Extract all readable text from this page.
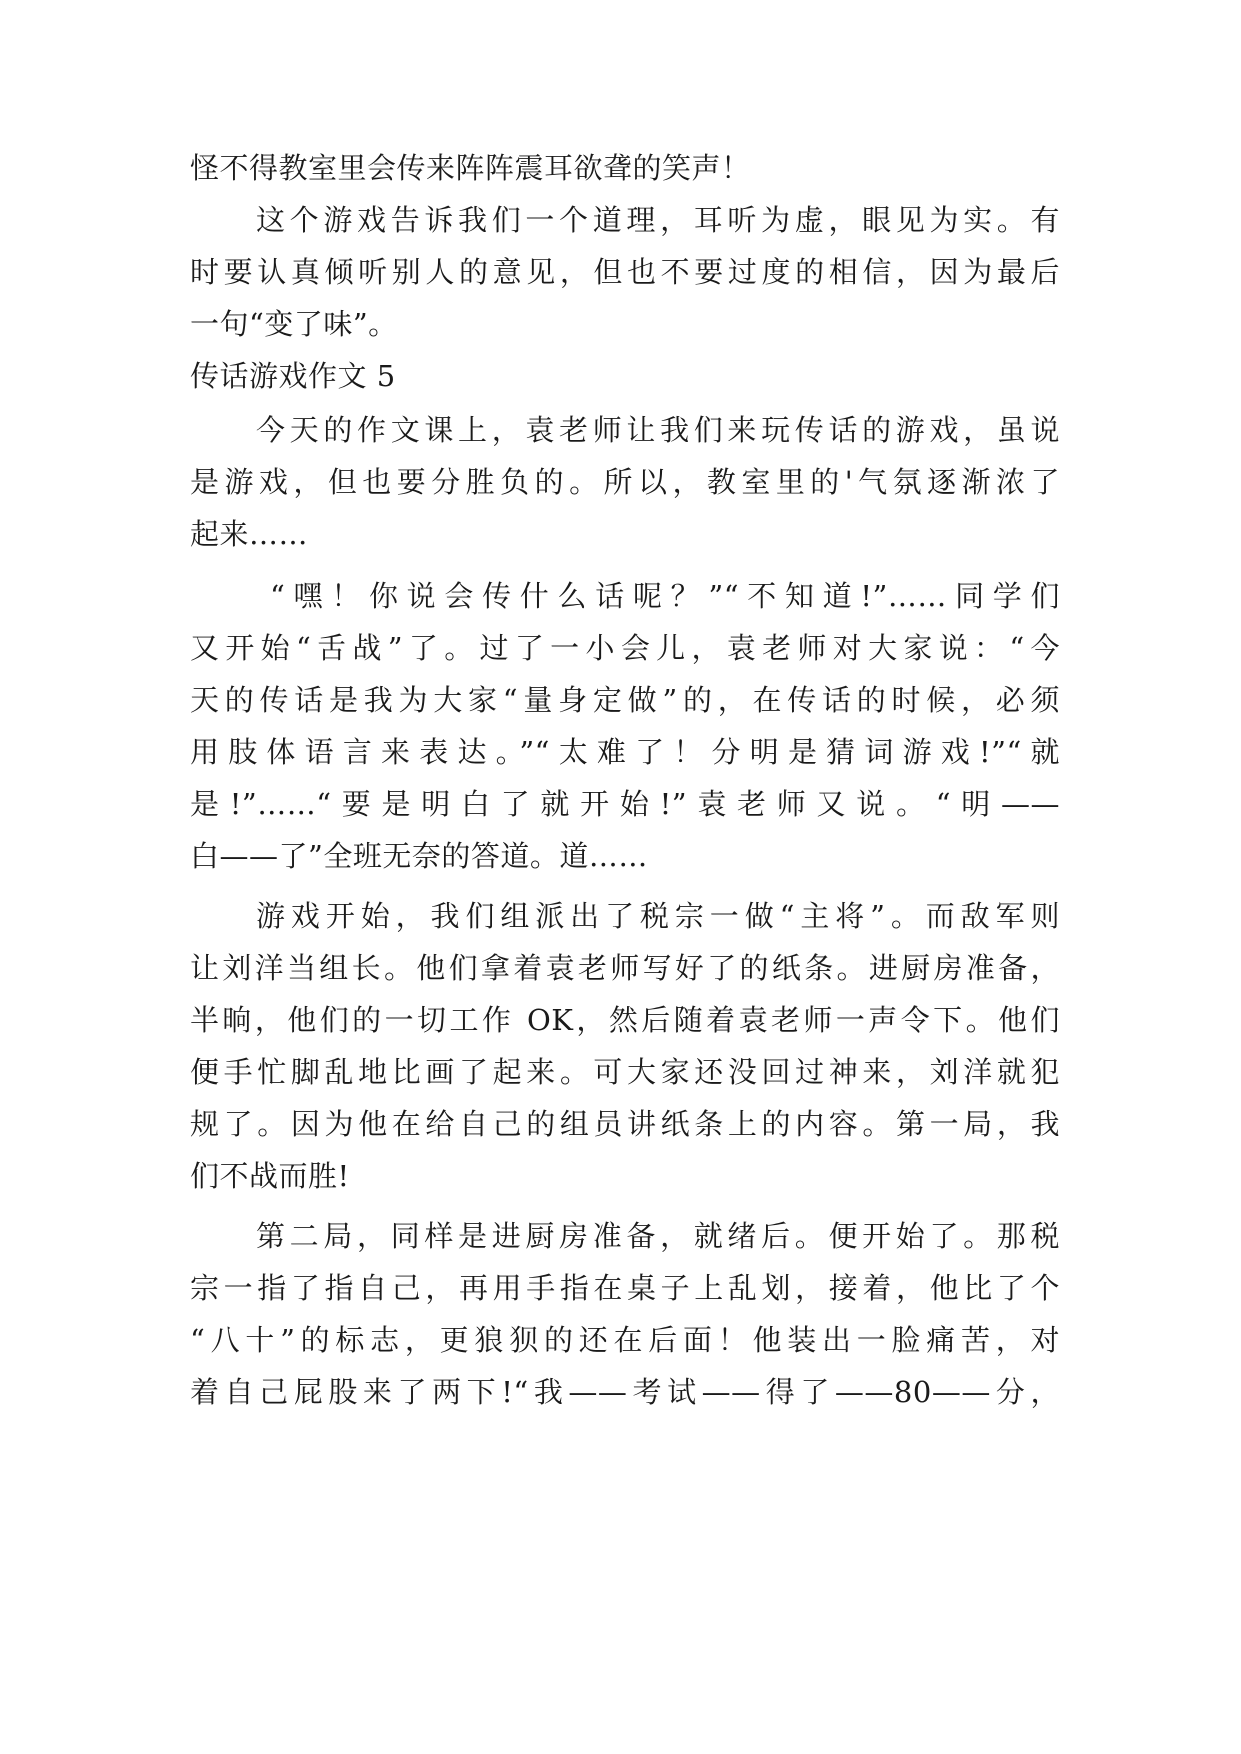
怪不得教室里会传来阵阵震耳欲聋的笑声！
这个游戏告诉我们一个道理，耳听为虚，眼见为实。有
时要认真倾听别人的意见，但也不要过度的相信，因为最后
一句“变了味”。
传话游戏作文 5
今天的作文课上，袁老师让我们来玩传话的游戏，虽说
是游戏，但也要分胜负的。所以，教室里的'气氛逐渐浓了
起来……
“嘿！你说会传什么话呢？”“不知道!”……同学们
又开始“舌战”了。过了一小会儿，袁老师对大家说：“今
天的传话是我为大家“量身定做”的，在传话的时候，必须
用肢体语言来表达。”“太难了！分明是猜词游戏!”“就
是!”……“要是明白了就开始!”袁老师又说。“明——
白——了”全班无奈的答道。道……
游戏开始，我们组派出了税宗一做“主将”。而敌军则
让刘洋当组长。他们拿着袁老师写好了的纸条。进厨房准备，
半晌，他们的一切工作 OK，然后随着袁老师一声令下。他们
便手忙脚乱地比画了起来。可大家还没回过神来，刘洋就犯
规了。因为他在给自己的组员讲纸条上的内容。第一局，我
们不战而胜!
第二局，同样是进厨房准备，就绪后。便开始了。那税
宗一指了指自己，再用手指在桌子上乱划，接着，他比了个
“八十”的标志，更狼狈的还在后面！他装出一脸痛苦，对
着自己屁股来了两下!“我——考试——得了——80——分，
